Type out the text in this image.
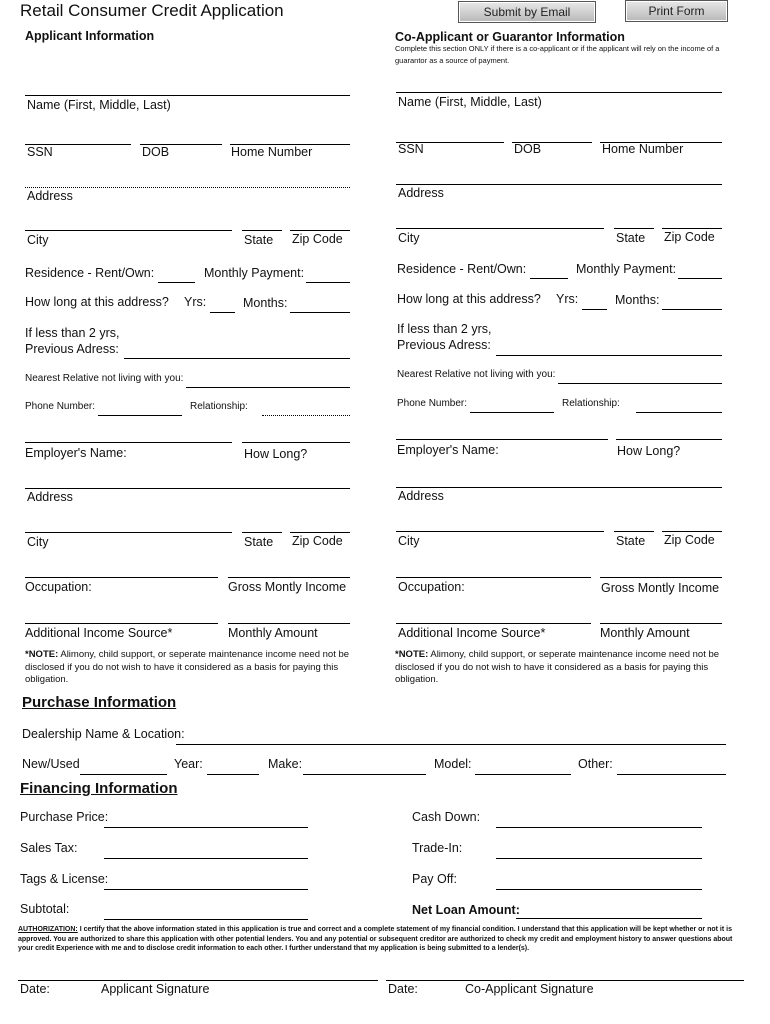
Retail Consumer Credit Application	Submit by Email	Print Form
Applicant Information
Name (First, Middle, Last)
SSN	DOB	Home Number
Address
City	State Zip Code
Residence - Rent/Own:	Monthly Payment:
How long at this address? Yrs:	Months:
If less than 2 yrs,
Previous Adress:
Nearest Relative not living with you:
Phone Number:	Relationship:
Employer's Name:	How Long?
Address
City	State Zip Code
Occupation:	Gross Montly Income
Additional Income Source*	Monthly Amount
*NOTE: Alimony, child support, or seperate maintenance income need not be disclosed if you do not wish to have it considered as a basis for paying this obligation.
Co-Applicant or Guarantor Information
Complete this section ONLY if there is a co-applicant or if the applicant will rely on the income of a guarantor as a source of payment.
Name (First, Middle, Last)
SSN	DOB	Home Number
Address
City	State Zip Code
Residence - Rent/Own:	Monthly Payment:
How long at this address? Yrs:	Months:
If less than 2 yrs,
Previous Adress:
Nearest Relative not living with you:
Phone Number:	Relationship:
Employer's Name:	How Long?
Address
City	State Zip Code
Occupation:	Gross Montly Income
Additional Income Source*	Monthly Amount
*NOTE: Alimony, child support, or seperate maintenance income need not be disclosed if you do not wish to have it considered as a basis for paying this obligation.
Purchase Information
Dealership Name & Location:
New/Used	Year:	Make:	Model:	Other:
Financing Information
Purchase Price:
Sales Tax:
Tags & License:
Subtotal:
Cash Down:
Trade-In:
Pay Off:
Net Loan Amount:
AUTHORIZATION: I certify that the above information stated in this application is true and correct and a complete statement of my financial condition. I understand that this application will be kept whether or not it is approved. You are authorized to share this application with other potential lenders. You and any potential or subsequent creditor are authorized to check my credit and employment history to answer questions about your credit Experience with me and to disclose credit information to each other. I further understand that my application is being submitted to a lender(s).
Date:	Applicant Signature	Date:	Co-Applicant Signature
